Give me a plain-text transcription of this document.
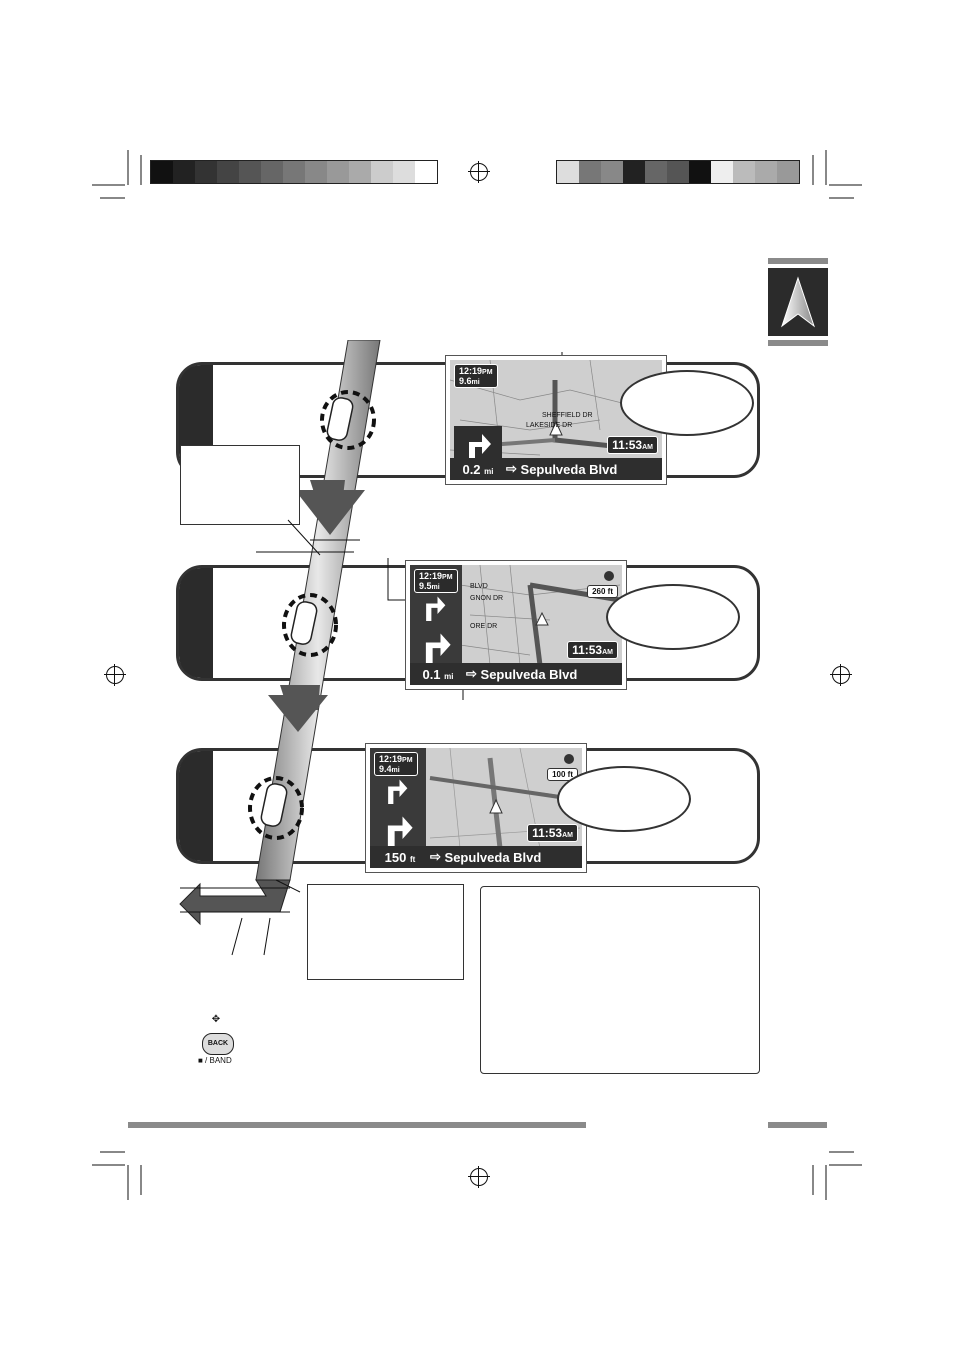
12:19PM
9.6mi
SHEFFIELD DR
LAKESIDE DR
11:53AM
0.2 mi ⇨
Sepulveda Blvd
12:19PM
9.5mi	BLVD
GNON DR
ORE DR
260 ft
11:53AM
0.1 mi ⇨
Sepulveda Blvd
12:19PM
9.4mi	100 ft
11:53AM
150 ft	⇨
Sepulveda Blvd
✥
BACK
■ / BAND
